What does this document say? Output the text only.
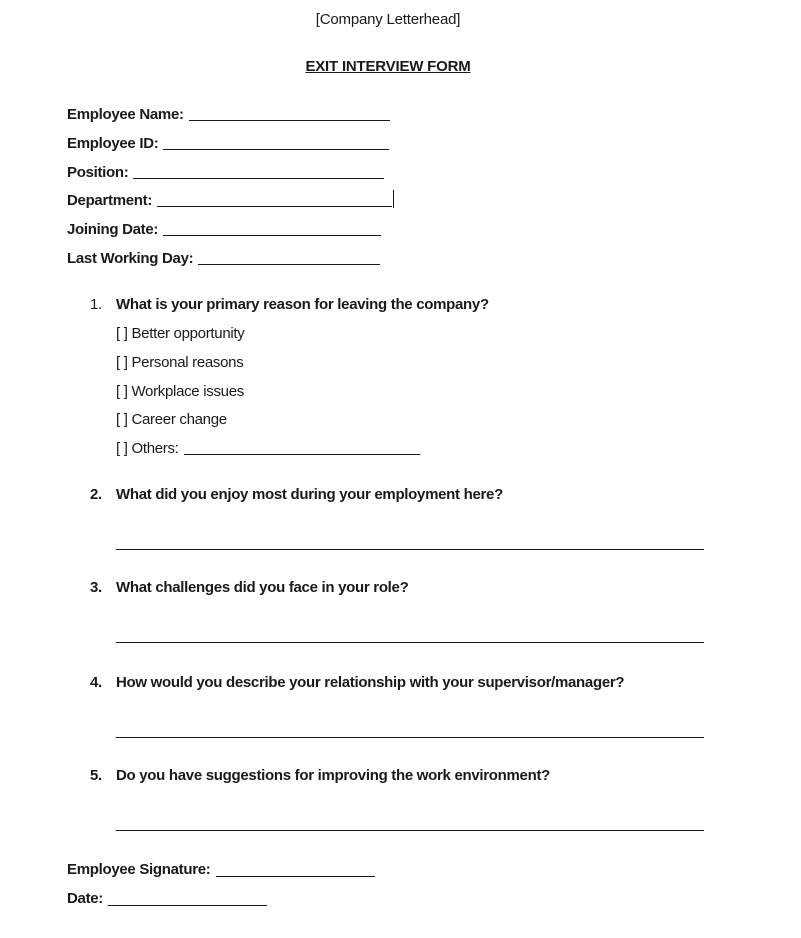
[Company Letterhead]
EXIT INTERVIEW FORM
Employee Name:
Employee ID:
Position:
Department:
Joining Date:
Last Working Day:
1. What is your primary reason for leaving the company?
[ ] Better opportunity
[ ] Personal reasons
[ ] Workplace issues
[ ] Career change
[ ] Others:
2. What did you enjoy most during your employment here?
3. What challenges did you face in your role?
4. How would you describe your relationship with your supervisor/manager?
5. Do you have suggestions for improving the work environment?
Employee Signature:
Date:
